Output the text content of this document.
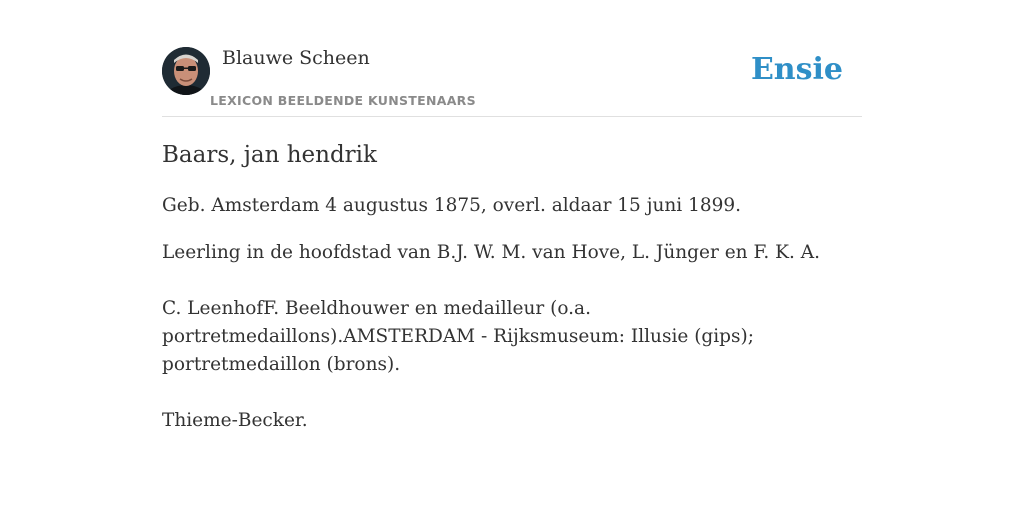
Blauwe Scheen
LEXICON BEELDENDE KUNSTENAARS
Ensie
Baars, jan hendrik

Geb. Amsterdam 4 augustus 1875, overl. aldaar 15 juni 1899.

Leerling in de hoofdstad van B.J. W. M. van Hove, L. Jünger en F. K. A.

C. LeenhofF. Beeldhouwer en medailleur (o.a. portretmedaillons).AMSTERDAM - Rijksmuseum: Illusie (gips); portretmedaillon (brons).

Thieme-Becker.
